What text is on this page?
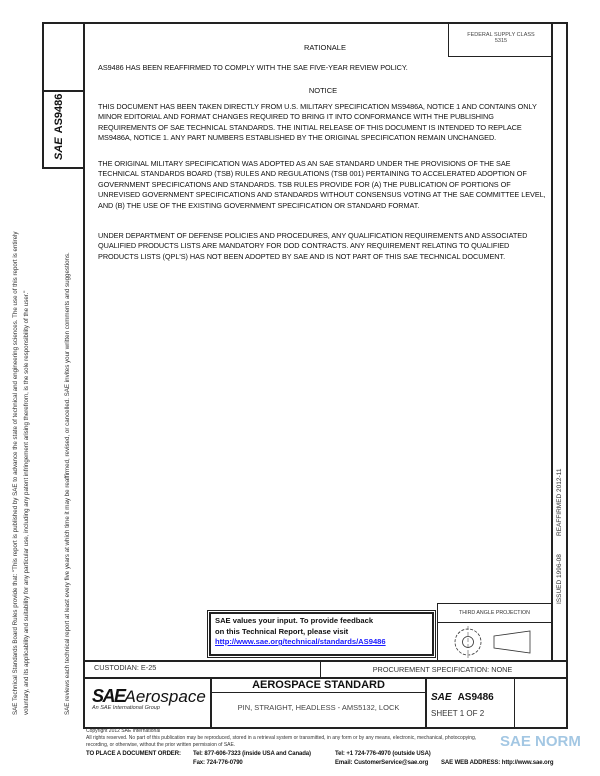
SAE Technical Standards Board Rules provide that: "This report is published by SAE to advance the state of technical and engineering sciences. The use of this report is entirely voluntary, and its applicability and suitability for any particular use, including any patent infringement arising therefrom, is the sole responsibility of the user."	SAE reviews each technical report at least every five years at which time it may be reaffirmed, revised, or cancelled. SAE invites your written comments and suggestions.
SAEAS9486
ISSUED 1996-08
REAFFIRMED 2012-11
FEDERAL SUPPLY CLASS
5315
RATIONALE
AS9486 HAS BEEN REAFFIRMED TO COMPLY WITH THE SAE FIVE-YEAR REVIEW POLICY.
NOTICE
THIS DOCUMENT HAS BEEN TAKEN DIRECTLY FROM U.S. MILITARY SPECIFICATION MS9486A, NOTICE 1 AND CONTAINS ONLY MINOR EDITORIAL AND FORMAT CHANGES REQUIRED TO BRING IT INTO CONFORMANCE WITH THE PUBLISHING REQUIREMENTS OF SAE TECHNICAL STANDARDS. THE INITIAL RELEASE OF THIS DOCUMENT IS INTENDED TO REPLACE MS9486A, NOTICE 1. ANY PART NUMBERS ESTABLISHED BY THE ORIGINAL SPECIFICATION REMAIN UNCHANGED.
THE ORIGINAL MILITARY SPECIFICATION WAS ADOPTED AS AN SAE STANDARD UNDER THE PROVISIONS OF THE SAE TECHNICAL STANDARDS BOARD (TSB) RULES AND REGULATIONS (TSB 001) PERTAINING TO ACCELERATED ADOPTION OF GOVERNMENT SPECIFICATIONS AND STANDARDS. TSB RULES PROVIDE FOR (A) THE PUBLICATION OF PORTIONS OF UNREVISED GOVERNMENT SPECIFICATIONS AND STANDARDS WITHOUT CONSENSUS VOTING AT THE SAE COMMITTEE LEVEL, AND (B) THE USE OF THE EXISTING GOVERNMENT SPECIFICATION OR STANDARD FORMAT.
UNDER DEPARTMENT OF DEFENSE POLICIES AND PROCEDURES, ANY QUALIFICATION REQUIREMENTS AND ASSOCIATED QUALIFIED PRODUCTS LISTS ARE MANDATORY FOR DOD CONTRACTS. ANY REQUIREMENT RELATING TO QUALIFIED PRODUCTS LISTS (QPL'S) HAS NOT BEEN ADOPTED BY SAE AND IS NOT PART OF THIS SAE TECHNICAL DOCUMENT.
SAE values your input. To provide feedback
on this Technical Report, please visit
http://www.sae.org/technical/standards/AS9486
THIRD ANGLE PROJECTION
CUSTODIAN: E-25	PROCUREMENT SPECIFICATION: NONE
SAEAerospace
An SAE International Group
AEROSPACE STANDARD
PIN, STRAIGHT, HEADLESS - AMS5132, LOCK
SAE AS9486
SHEET 1 OF 2
SAE NORM
Copyright 2012 SAE International
All rights reserved. No part of this publication may be reproduced, stored in a retrieval system or transmitted, in any form or by any means, electronic, mechanical, photocopying,
recording, or otherwise, without the prior written permission of SAE.
TO PLACE A DOCUMENT ORDER: Tel: 877-606-7323 (inside USA and Canada)
Fax: 724-776-0790
Tel: +1 724-776-4970 (outside USA)
Email: CustomerService@sae.org SAE WEB ADDRESS: http://www.sae.org
